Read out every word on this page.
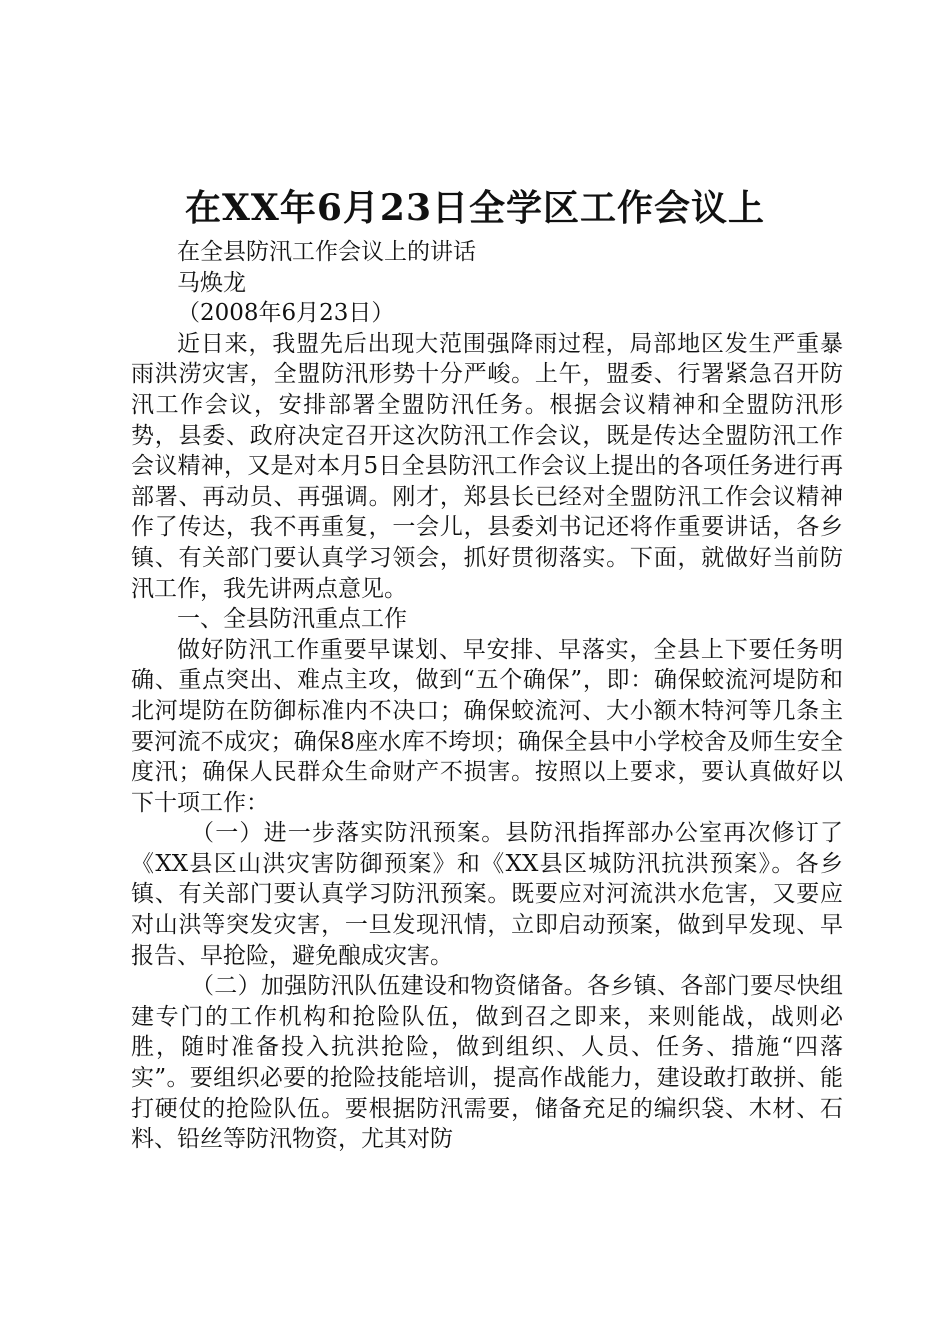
在XX年6月23日全学区工作会议上

在全县防汛工作会议上的讲话

马焕龙

（2008年6月23日）

近日来，我盟先后出现大范围强降雨过程，局部地区发生严重暴雨洪涝灾害，全盟防汛形势十分严峻。上午，盟委、行署紧急召开防汛工作会议，安排部署全盟防汛任务。根据会议精神和全盟防汛形势，县委、政府决定召开这次防汛工作会议，既是传达全盟防汛工作会议精神，又是对本月5日全县防汛工作会议上提出的各项任务进行再部署、再动员、再强调。刚才，郑县长已经对全盟防汛工作会议精神作了传达，我不再重复，一会儿，县委刘书记还将作重要讲话，各乡镇、有关部门要认真学习领会，抓好贯彻落实。下面，就做好当前防汛工作，我先讲两点意见。

一、全县防汛重点工作

做好防汛工作重要早谋划、早安排、早落实，全县上下要任务明确、重点突出、难点主攻，做到“五个确保”，即：确保蛟流河堤防和北河堤防在防御标准内不决口；确保蛟流河、大小额木特河等几条主要河流不成灾；确保8座水库不垮坝；确保全县中小学校舍及师生安全度汛；确保人民群众生命财产不损害。按照以上要求，要认真做好以下十项工作：

（一）进一步落实防汛预案。县防汛指挥部办公室再次修订了《XX县区山洪灾害防御预案》和《XX县区城防汛抗洪预案》。各乡镇、有关部门要认真学习防汛预案。既要应对河流洪水危害，又要应对山洪等突发灾害，一旦发现汛情，立即启动预案，做到早发现、早报告、早抢险，避免酿成灾害。

（二）加强防汛队伍建设和物资储备。各乡镇、各部门要尽快组建专门的工作机构和抢险队伍，做到召之即来，来则能战，战则必胜，随时准备投入抗洪抢险，做到组织、人员、任务、措施“四落实”。要组织必要的抢险技能培训，提高作战能力，建设敢打敢拼、能打硬仗的抢险队伍。要根据防汛需要，储备充足的编织袋、木材、石料、铅丝等防汛物资，尤其对防
